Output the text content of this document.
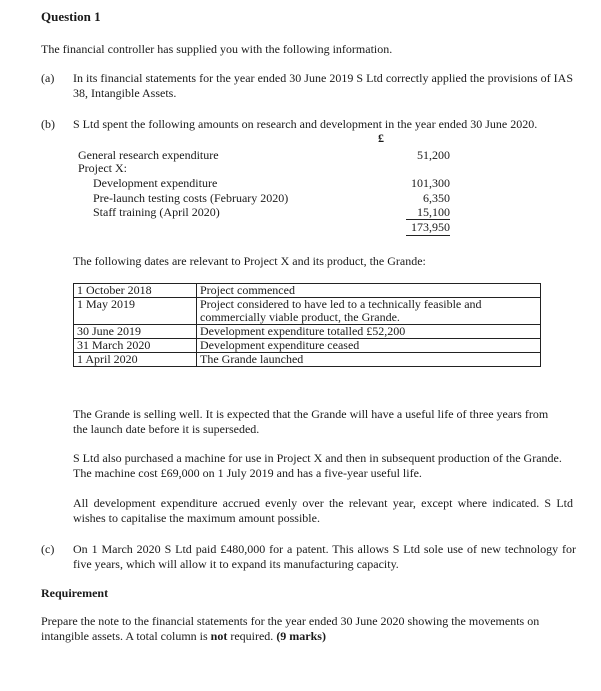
Question 1
The financial controller has supplied you with the following information.
(a) In its financial statements for the year ended 30 June 2019 S Ltd correctly applied the provisions of IAS 38, Intangible Assets.
(b) S Ltd spent the following amounts on research and development in the year ended 30 June 2020.
£
General research expenditure	51,200
Project X:
Development expenditure	101,300
Pre-launch testing costs (February 2020)	6,350
Staff training (April 2020)	15,100
173,950
The following dates are relevant to Project X and its product, the Grande:
1 October 2018	Project commenced
1 May 2019	Project considered to have led to a technically feasible and commercially viable product, the Grande.
30 June 2019	Development expenditure totalled £52,200
31 March 2020	Development expenditure ceased
1 April 2020	The Grande launched
The Grande is selling well. It is expected that the Grande will have a useful life of three years from the launch date before it is superseded.
S Ltd also purchased a machine for use in Project X and then in subsequent production of the Grande. The machine cost £69,000 on 1 July 2019 and has a five-year useful life.
All development expenditure accrued evenly over the relevant year, except where indicated. S Ltd wishes to capitalise the maximum amount possible.
(c) On 1 March 2020 S Ltd paid £480,000 for a patent. This allows S Ltd sole use of new technology for five years, which will allow it to expand its manufacturing capacity.
Requirement
Prepare the note to the financial statements for the year ended 30 June 2020 showing the movements on intangible assets. A total column is not required. (9 marks)
